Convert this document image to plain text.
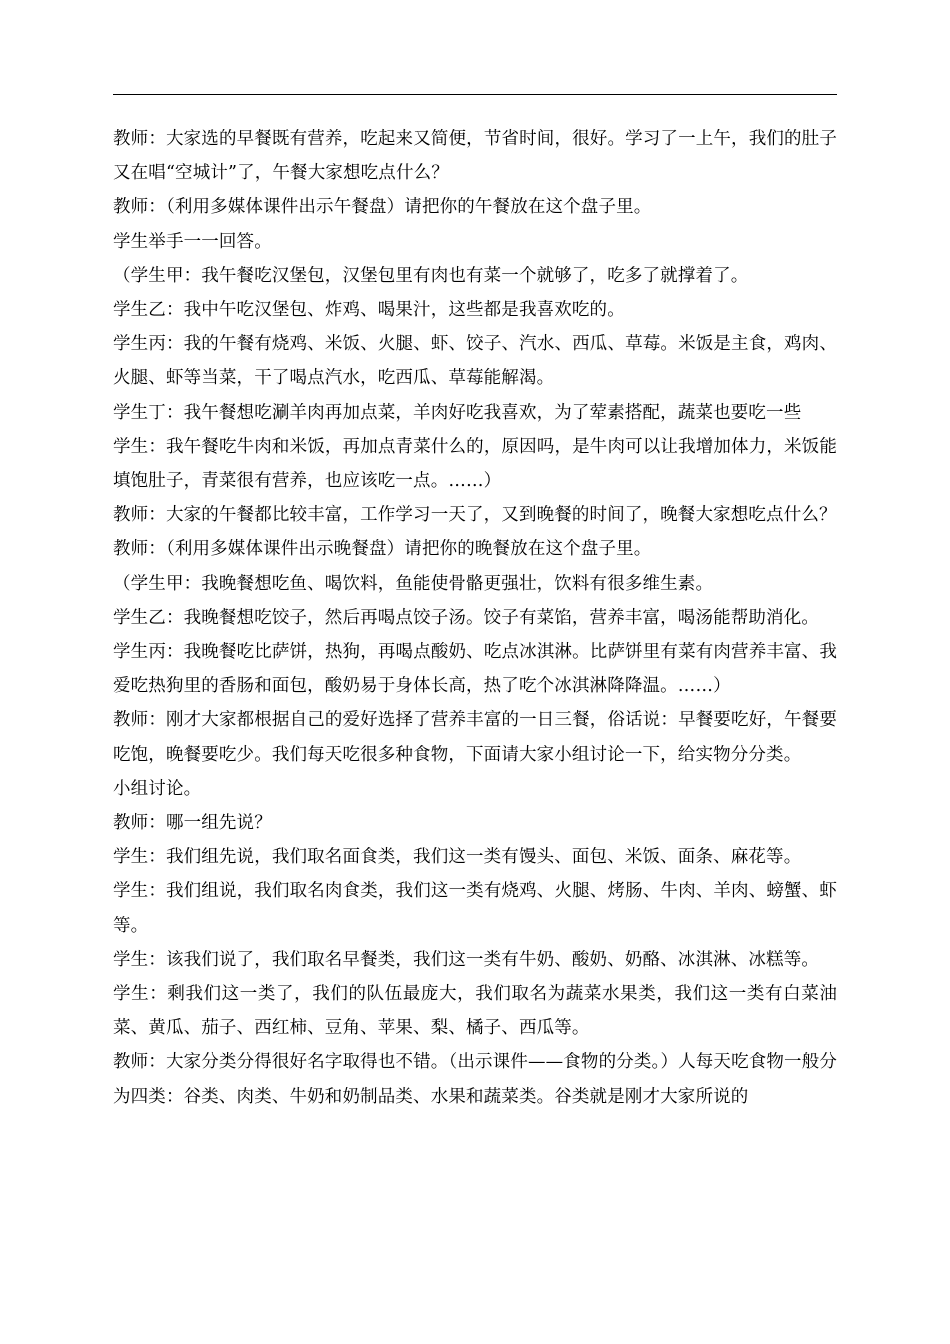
教师：大家选的早餐既有营养，吃起来又简便，节省时间，很好。学习了一上午，我们的肚子又在唱“空城计”了，午餐大家想吃点什么？

教师：（利用多媒体课件出示午餐盘）请把你的午餐放在这个盘子里。

学生举手一一回答。

（学生甲：我午餐吃汉堡包，汉堡包里有肉也有菜一个就够了，吃多了就撑着了。

学生乙：我中午吃汉堡包、炸鸡、喝果汁，这些都是我喜欢吃的。

学生丙：我的午餐有烧鸡、米饭、火腿、虾、饺子、汽水、西瓜、草莓。米饭是主食，鸡肉、火腿、虾等当菜，干了喝点汽水，吃西瓜、草莓能解渴。

学生丁：我午餐想吃涮羊肉再加点菜，羊肉好吃我喜欢，为了荤素搭配，蔬菜也要吃一些

学生：我午餐吃牛肉和米饭，再加点青菜什么的，原因吗，是牛肉可以让我增加体力，米饭能填饱肚子，青菜很有营养，也应该吃一点。……）

教师：大家的午餐都比较丰富，工作学习一天了，又到晚餐的时间了，晚餐大家想吃点什么？

教师：（利用多媒体课件出示晚餐盘）请把你的晚餐放在这个盘子里。

（学生甲：我晚餐想吃鱼、喝饮料，鱼能使骨骼更强壮，饮料有很多维生素。

学生乙：我晚餐想吃饺子，然后再喝点饺子汤。饺子有菜馅，营养丰富，喝汤能帮助消化。

学生丙：我晚餐吃比萨饼，热狗，再喝点酸奶、吃点冰淇淋。比萨饼里有菜有肉营养丰富、我爱吃热狗里的香肠和面包，酸奶易于身体长高，热了吃个冰淇淋降降温。……）

教师：刚才大家都根据自己的爱好选择了营养丰富的一日三餐，俗话说：早餐要吃好，午餐要吃饱，晚餐要吃少。我们每天吃很多种食物，下面请大家小组讨论一下，给实物分分类。

小组讨论。

教师：哪一组先说？

学生：我们组先说，我们取名面食类，我们这一类有馒头、面包、米饭、面条、麻花等。

学生：我们组说，我们取名肉食类，我们这一类有烧鸡、火腿、烤肠、牛肉、羊肉、螃蟹、虾等。

学生：该我们说了，我们取名早餐类，我们这一类有牛奶、酸奶、奶酪、冰淇淋、冰糕等。

学生：剩我们这一类了，我们的队伍最庞大，我们取名为蔬菜水果类，我们这一类有白菜油菜、黄瓜、茄子、西红柿、豆角、苹果、梨、橘子、西瓜等。

教师：大家分类分得很好名字取得也不错。（出示课件——食物的分类。）人每天吃食物一般分为四类：谷类、肉类、牛奶和奶制品类、水果和蔬菜类。谷类就是刚才大家所说的
